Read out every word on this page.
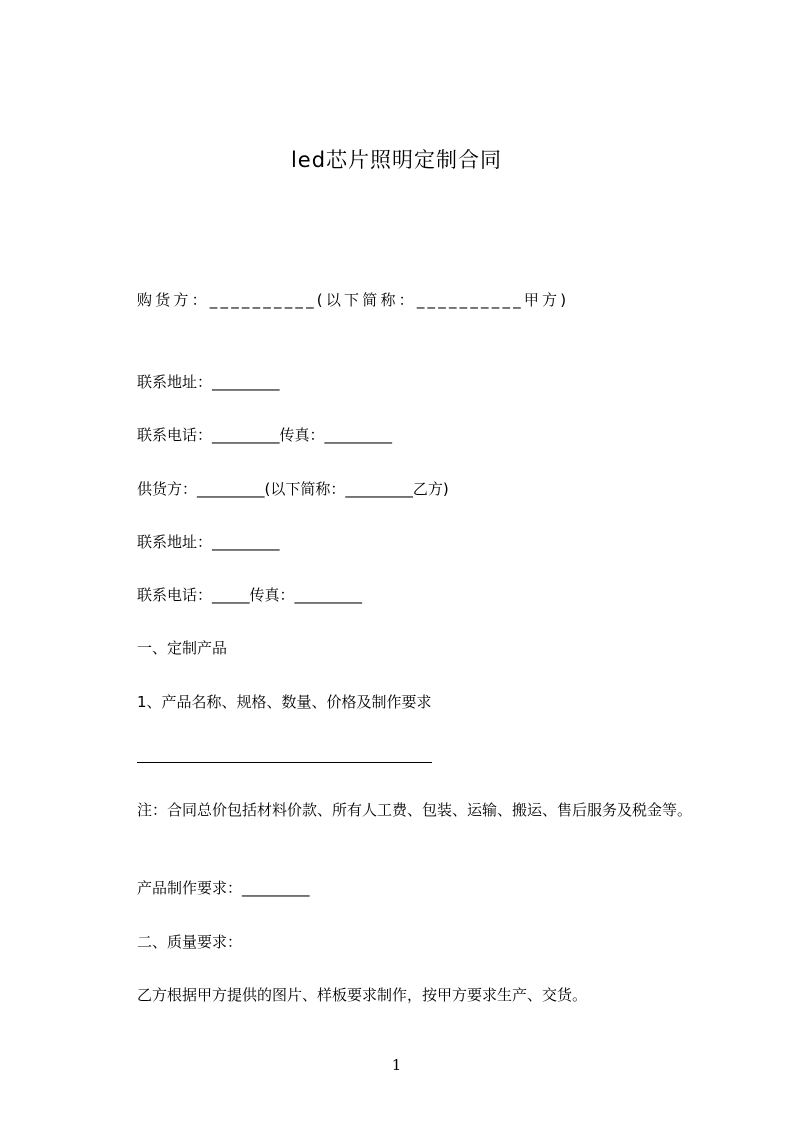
led芯片照明定制合同
购货方：__________(以下简称：__________甲方)
联系地址：_________
联系电话：_________传真：_________
供货方：_________(以下简称：_________乙方)
联系地址：_________
联系电话：_____传真：_________
一、定制产品
1、产品名称、规格、数量、价格及制作要求
注：合同总价包括材料价款、所有人工费、包装、运输、搬运、售后服务及税金等。
产品制作要求：_________
二、质量要求：
乙方根据甲方提供的图片、样板要求制作，按甲方要求生产、交货。
1
